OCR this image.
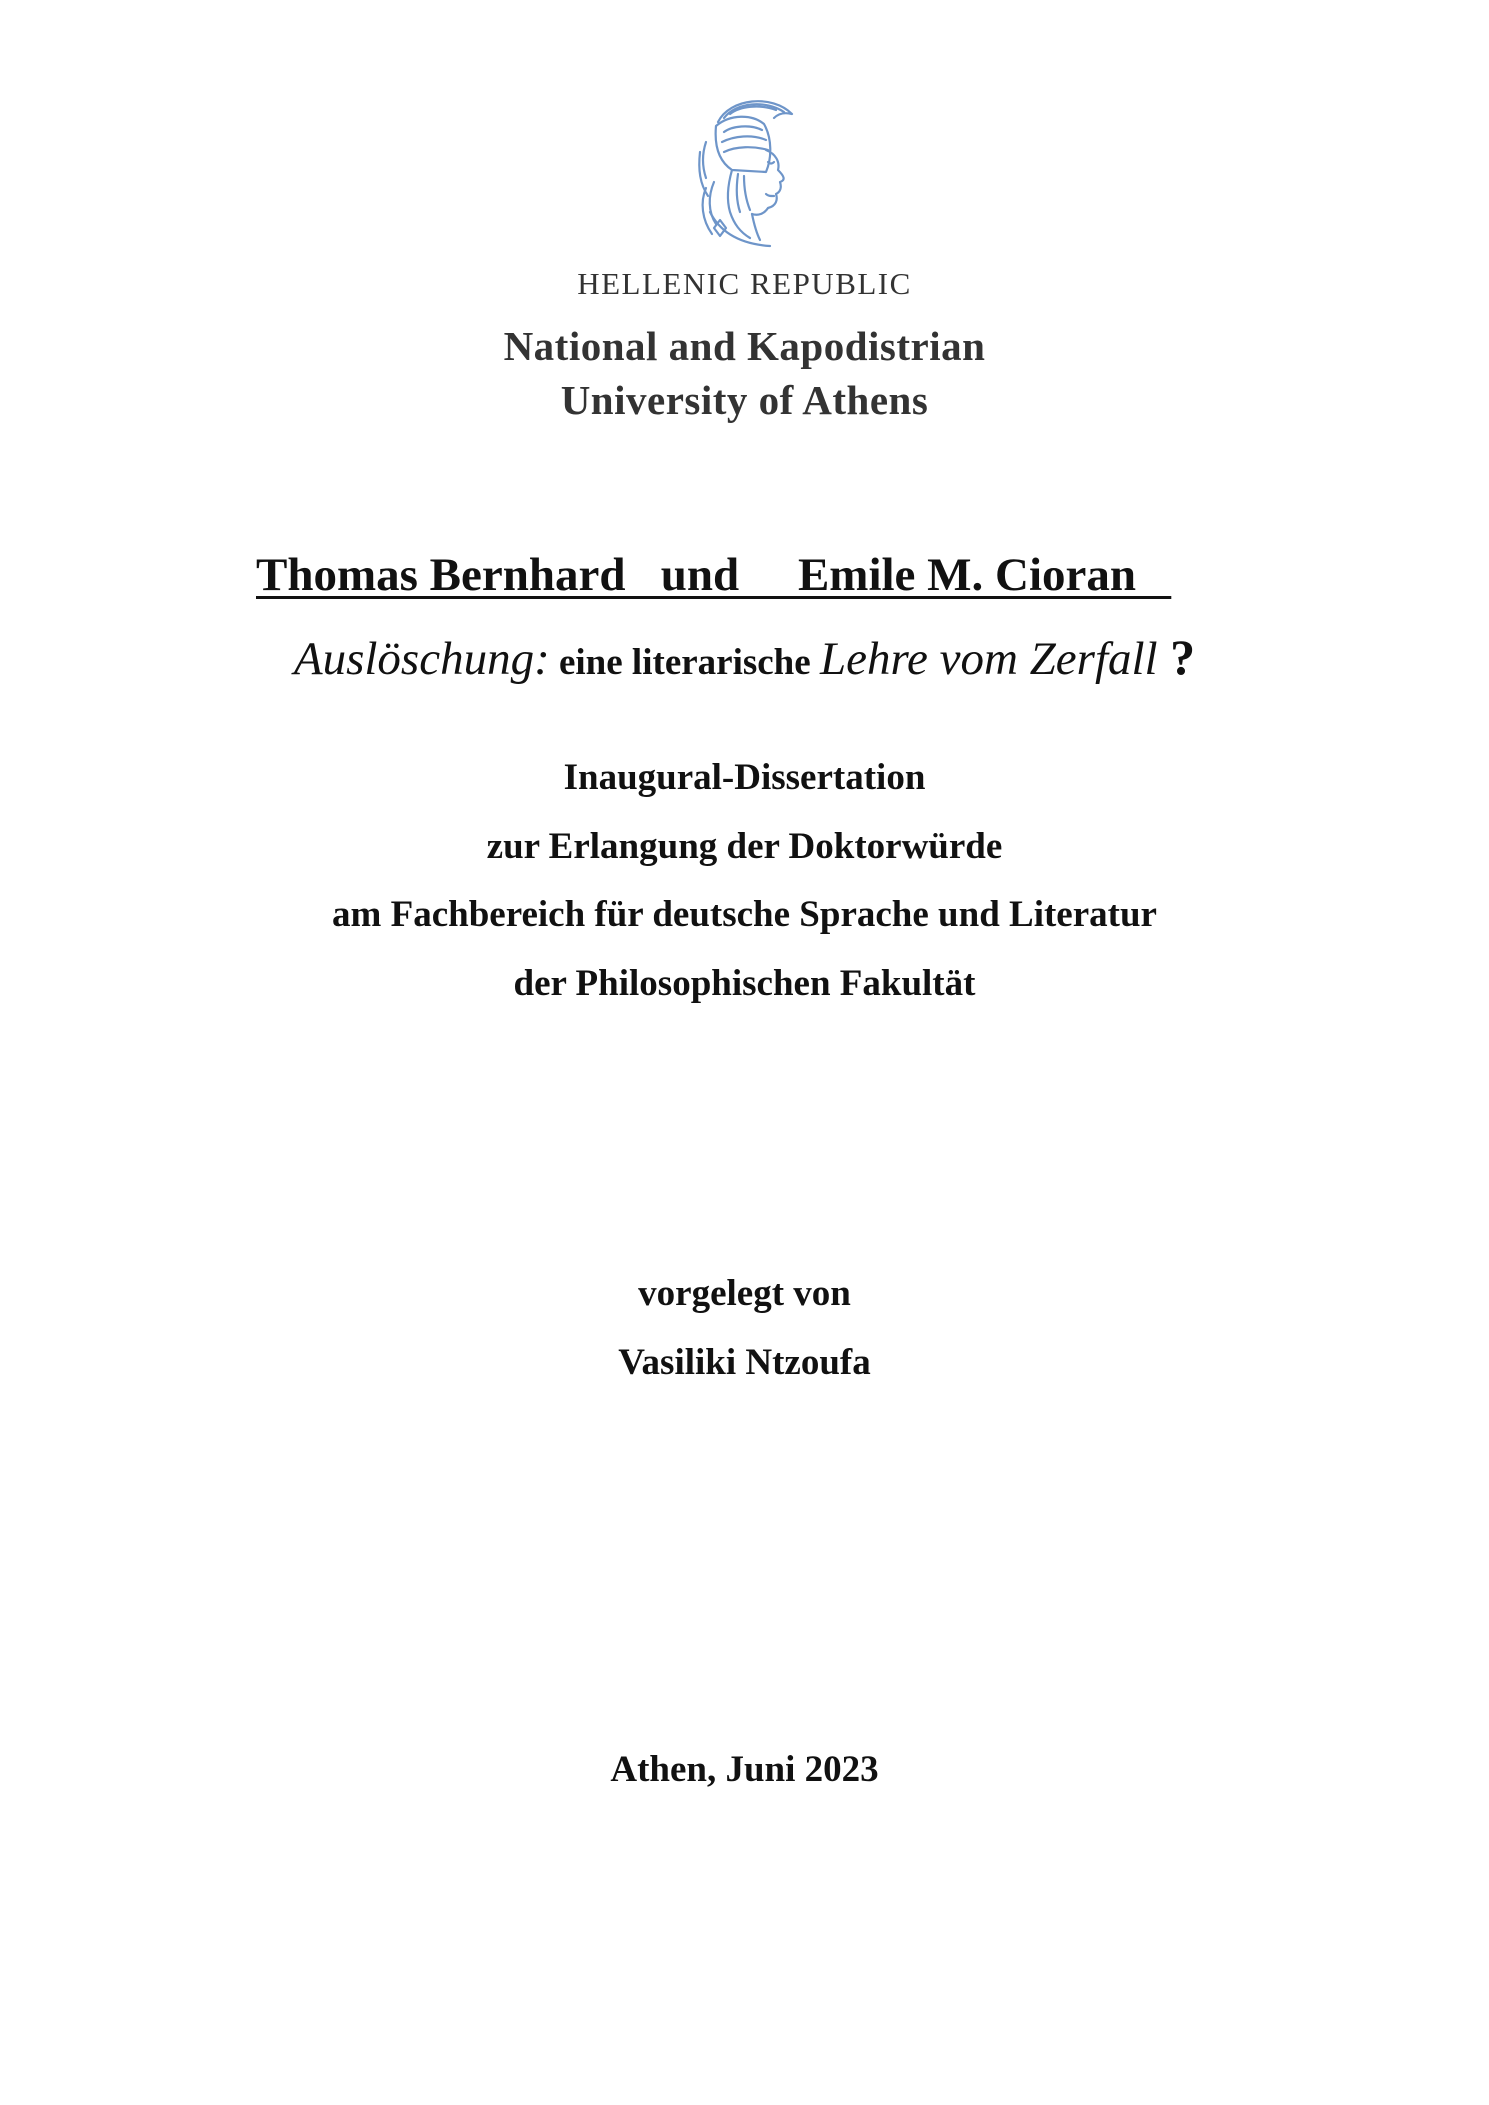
HELLENIC REPUBLIC
National and Kapodistrian
University of Athens
Thomas Bernhard   und     Emile M. Cioran
Auslöschung: eine literarische Lehre vom Zerfall ?
Inaugural-Dissertation
zur Erlangung der Doktorwürde
am Fachbereich für deutsche Sprache und Literatur
der Philosophischen Fakultät
vorgelegt von
Vasiliki Ntzoufa
Athen, Juni 2023
